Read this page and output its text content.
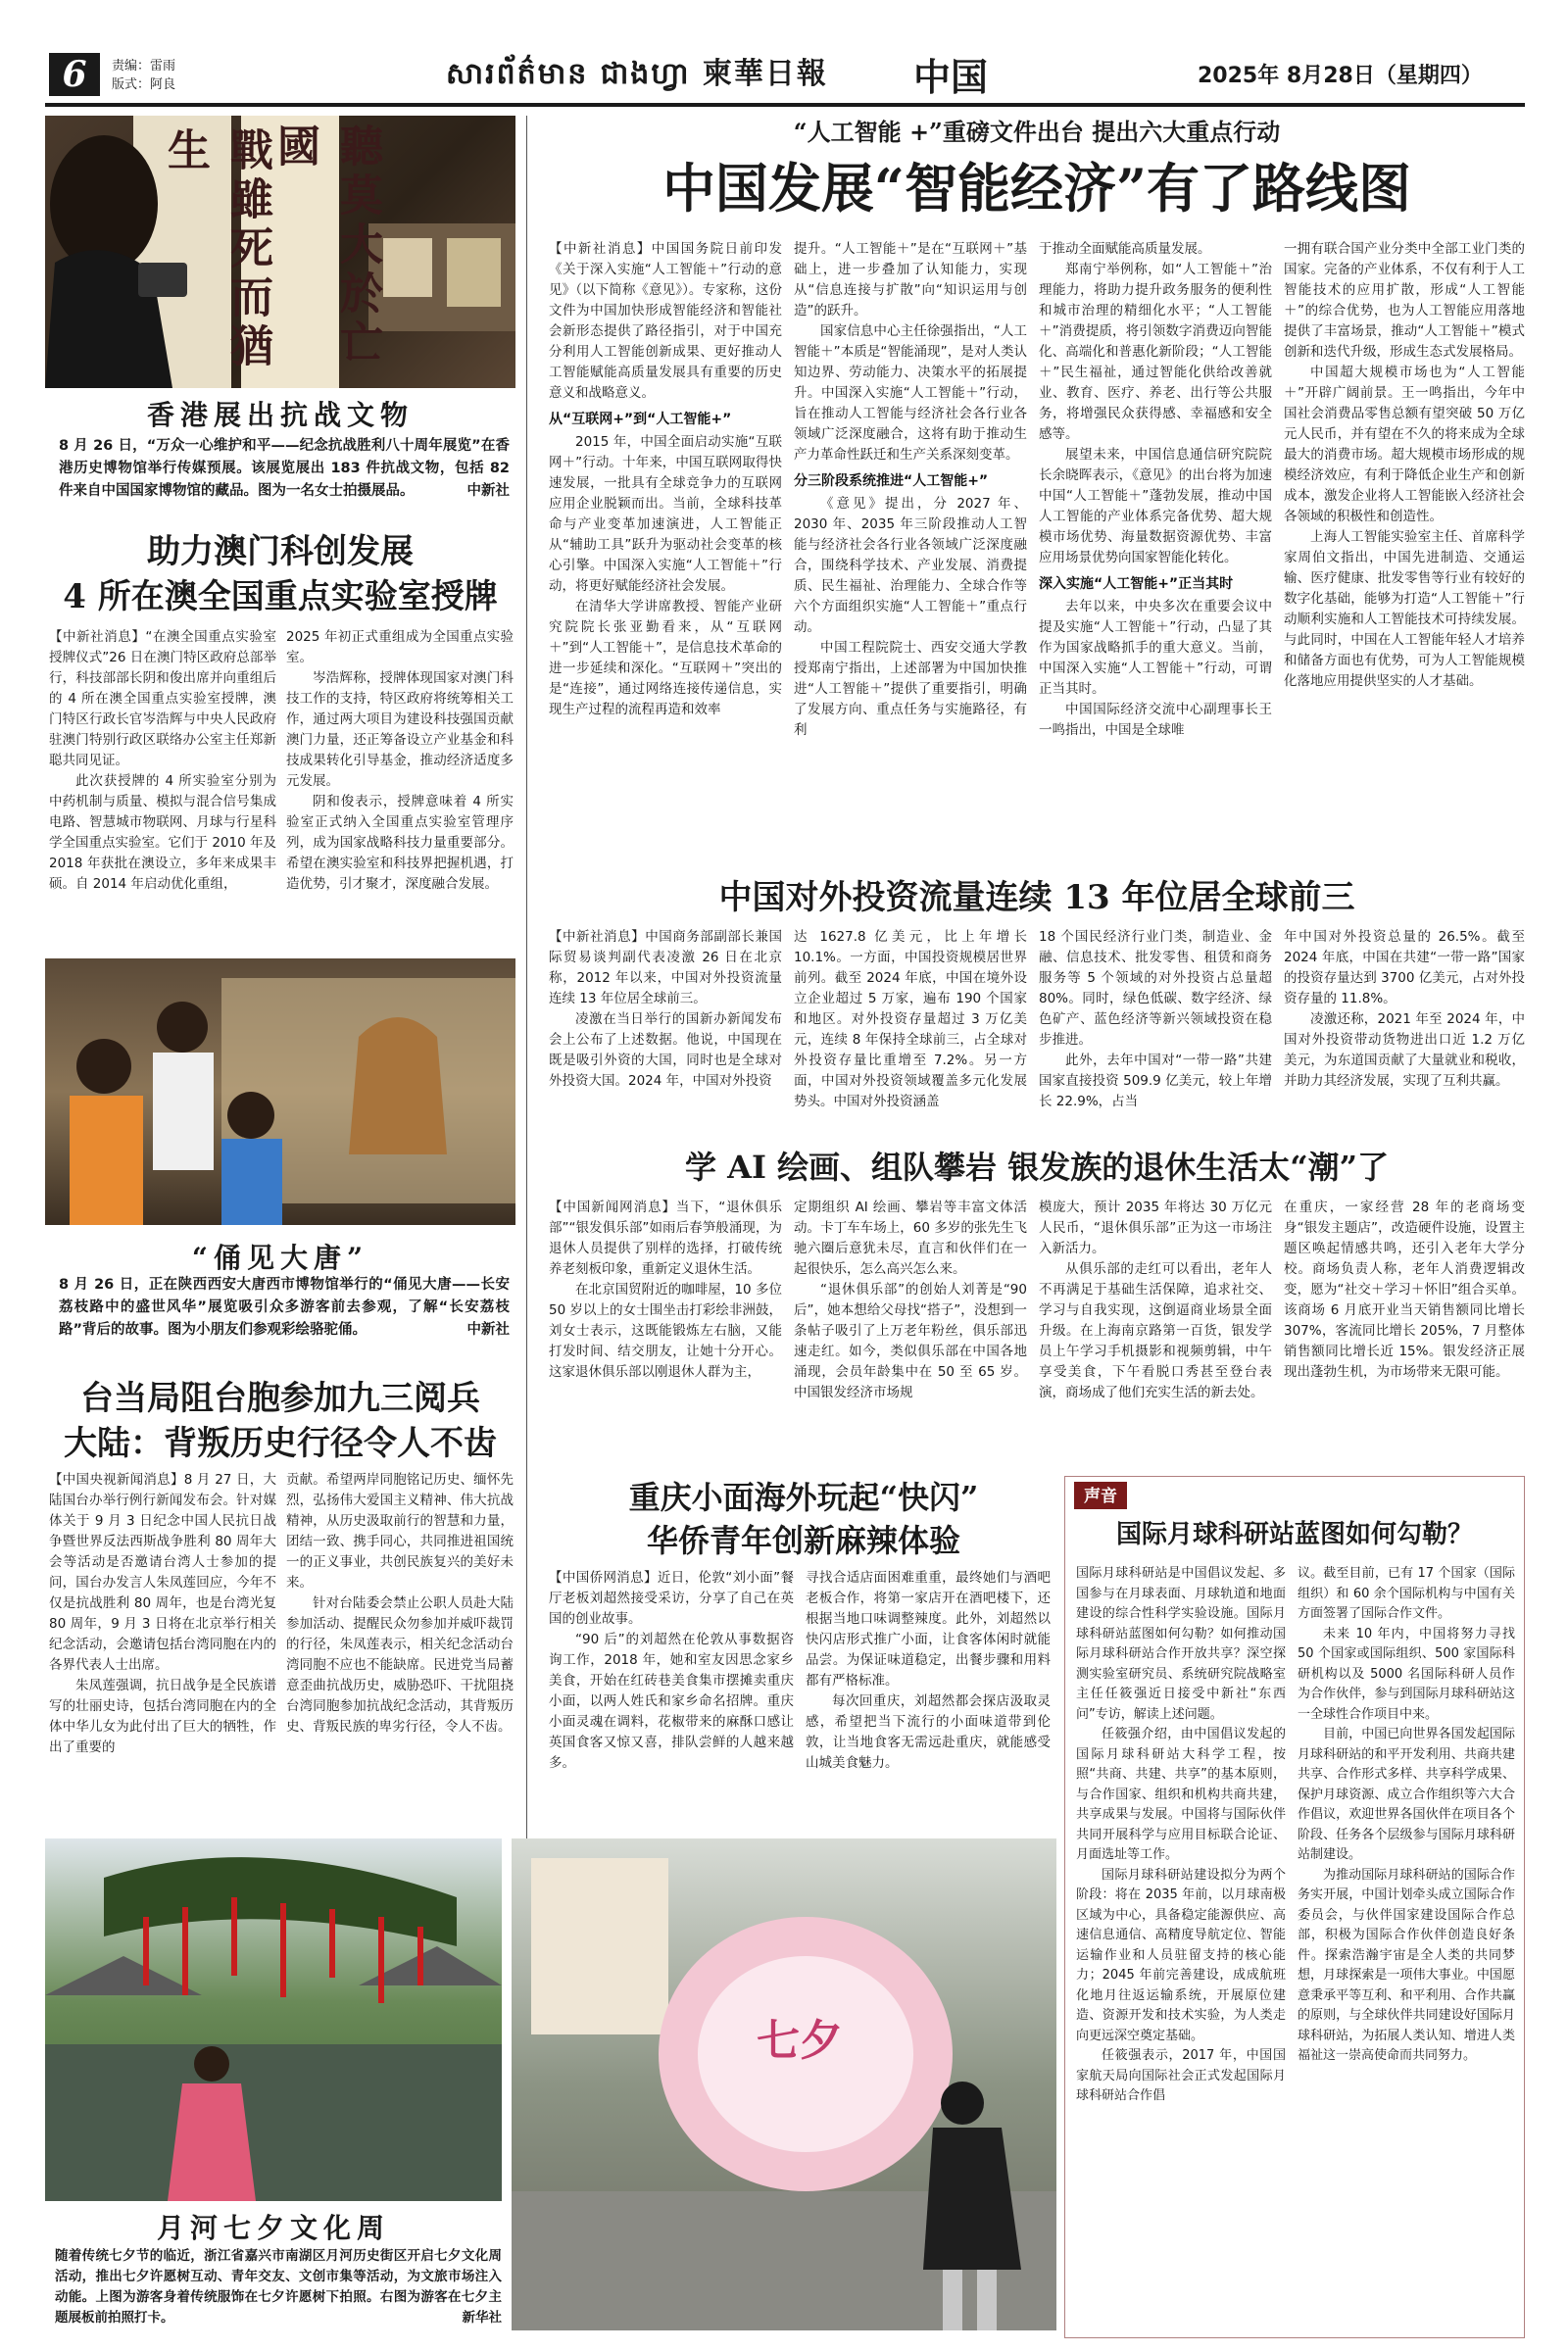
6	责编：雷雨
版式：阿良	សារព័ត៌មាន ជាងហ្វា 柬華日報 中国	2025年 8月28日（星期四）
戰雖死而猶生	聽莫大於亡國
香港展出抗战文物
8 月 26 日，“万众一心维护和平——纪念抗战胜利八十周年展览”在香港历史博物馆举行传媒预展。该展览展出 183 件抗战文物，包括 82 件来自中国国家博物馆的藏品。图为一名女士拍摄展品。	中新社
助力澳门科创发展
4 所在澳全国重点实验室授牌

【中新社消息】“在澳全国重点实验室授牌仪式”26 日在澳门特区政府总部举行，科技部部长阴和俊出席并向重组后的 4 所在澳全国重点实验室授牌，澳门特区行政长官岑浩辉与中央人民政府驻澳门特别行政区联络办公室主任郑新聪共同见证。

此次获授牌的 4 所实验室分别为中药机制与质量、模拟与混合信号集成电路、智慧城市物联网、月球与行星科学全国重点实验室。它们于 2010 年及 2018 年获批在澳设立，多年来成果丰硕。自 2014 年启动优化重组，

2025 年初正式重组成为全国重点实验室。

岑浩辉称，授牌体现国家对澳门科技工作的支持，特区政府将统筹相关工作，通过两大项目为建设科技强国贡献澳门力量，还正筹备设立产业基金和科技成果转化引导基金，推动经济适度多元发展。

阴和俊表示，授牌意味着 4 所实验室正式纳入全国重点实验室管理序列，成为国家战略科技力量重要部分。希望在澳实验室和科技界把握机遇，打造优势，引才聚才，深度融合发展。

“俑见大唐”
8 月 26 日，正在陕西西安大唐西市博物馆举行的“俑见大唐——长安荔枝路中的盛世风华”展览吸引众多游客前去参观，了解“长安荔枝路”背后的故事。图为小朋友们参观彩绘骆驼俑。	中新社
台当局阻台胞参加九三阅兵
大陆：背叛历史行径令人不齿

【中国央视新闻消息】8 月 27 日，大陆国台办举行例行新闻发布会。针对媒体关于 9 月 3 日纪念中国人民抗日战争暨世界反法西斯战争胜利 80 周年大会等活动是否邀请台湾人士参加的提问，国台办发言人朱凤莲回应，今年不仅是抗战胜利 80 周年，也是台湾光复 80 周年，9 月 3 日将在北京举行相关纪念活动，会邀请包括台湾同胞在内的各界代表人士出席。

朱凤莲强调，抗日战争是全民族谱写的壮丽史诗，包括台湾同胞在内的全体中华儿女为此付出了巨大的牺牲，作出了重要的

贡献。希望两岸同胞铭记历史、缅怀先烈，弘扬伟大爱国主义精神、伟大抗战精神，从历史汲取前行的智慧和力量，团结一致、携手同心，共同推进祖国统一的正义事业，共创民族复兴的美好未来。

针对台陆委会禁止公职人员赴大陆参加活动、提醒民众勿参加并威吓裁罚的行径，朱凤莲表示，相关纪念活动台湾同胞不应也不能缺席。民进党当局蓄意歪曲抗战历史，威胁恐吓、干扰阻挠台湾同胞参加抗战纪念活动，其背叛历史、背叛民族的卑劣行径，令人不齿。

“人工智能 +”重磅文件出台 提出六大重点行动
中国发展“智能经济”有了路线图

【中新社消息】中国国务院日前印发《关于深入实施“人工智能＋”行动的意见》（以下简称《意见》）。专家称，这份文件为中国加快形成智能经济和智能社会新形态提供了路径指引，对于中国充分利用人工智能创新成果、更好推动人工智能赋能高质量发展具有重要的历史意义和战略意义。

从“互联网+”到“人工智能+”

2015 年，中国全面启动实施“互联网＋”行动。十年来，中国互联网取得快速发展，一批具有全球竞争力的互联网应用企业脱颖而出。当前，全球科技革命与产业变革加速演进，人工智能正从“辅助工具”跃升为驱动社会变革的核心引擎。中国深入实施“人工智能＋”行动，将更好赋能经济社会发展。

在清华大学讲席教授、智能产业研究院院长张亚勤看来，从“互联网＋”到“人工智能＋”，是信息技术革命的进一步延续和深化。“互联网＋”突出的是“连接”，通过网络连接传递信息，实现生产过程的流程再造和效率

提升。“人工智能＋”是在“互联网＋”基础上，进一步叠加了认知能力，实现从“信息连接与扩散”向“知识运用与创造”的跃升。

国家信息中心主任徐强指出，“人工智能＋”本质是“智能涌现”，是对人类认知边界、劳动能力、决策水平的拓展提升。中国深入实施“人工智能＋”行动，旨在推动人工智能与经济社会各行业各领域广泛深度融合，这将有助于推动生产力革命性跃迁和生产关系深刻变革。

分三阶段系统推进“人工智能+”

《意见》提出，分 2027 年、2030 年、2035 年三阶段推动人工智能与经济社会各行业各领域广泛深度融合，围绕科学技术、产业发展、消费提质、民生福祉、治理能力、全球合作等六个方面组织实施“人工智能＋”重点行动。

中国工程院院士、西安交通大学教授郑南宁指出，上述部署为中国加快推进“人工智能＋”提供了重要指引，明确了发展方向、重点任务与实施路径，有利

于推动全面赋能高质量发展。

郑南宁举例称，如“人工智能＋”治理能力，将助力提升政务服务的便利性和城市治理的精细化水平；“人工智能＋”消费提质，将引领数字消费迈向智能化、高端化和普惠化新阶段；“人工智能＋”民生福祉，通过智能化供给改善就业、教育、医疗、养老、出行等公共服务，将增强民众获得感、幸福感和安全感等。

展望未来，中国信息通信研究院院长余晓晖表示，《意见》的出台将为加速中国“人工智能＋”蓬勃发展，推动中国人工智能的产业体系完备优势、超大规模市场优势、海量数据资源优势、丰富应用场景优势向国家智能化转化。

深入实施“人工智能+”正当其时

去年以来，中央多次在重要会议中提及实施“人工智能＋”行动，凸显了其作为国家战略抓手的重大意义。当前，中国深入实施“人工智能＋”行动，可谓正当其时。

中国国际经济交流中心副理事长王一鸣指出，中国是全球唯

一拥有联合国产业分类中全部工业门类的国家。完备的产业体系，不仅有利于人工智能技术的应用扩散，形成“人工智能＋”的综合优势，也为人工智能应用落地提供了丰富场景，推动“人工智能＋”模式创新和迭代升级，形成生态式发展格局。

中国超大规模市场也为“人工智能＋”开辟广阔前景。王一鸣指出，今年中国社会消费品零售总额有望突破 50 万亿元人民币，并有望在不久的将来成为全球最大的消费市场。超大规模市场形成的规模经济效应，有利于降低企业生产和创新成本，激发企业将人工智能嵌入经济社会各领域的积极性和创造性。

上海人工智能实验室主任、首席科学家周伯文指出，中国先进制造、交通运输、医疗健康、批发零售等行业有较好的数字化基础，能够为打造“人工智能＋”行动顺利实施和人工智能技术可持续发展。与此同时，中国在人工智能年轻人才培养和储备方面也有优势，可为人工智能规模化落地应用提供坚实的人才基础。

中国对外投资流量连续 13 年位居全球前三

【中新社消息】中国商务部副部长兼国际贸易谈判副代表凌激 26 日在北京称，2012 年以来，中国对外投资流量连续 13 年位居全球前三。

凌激在当日举行的国新办新闻发布会上公布了上述数据。他说，中国现在既是吸引外资的大国，同时也是全球对外投资大国。2024 年，中国对外投资

达 1627.8 亿美元，比上年增长 10.1%。一方面，中国投资规模居世界前列。截至 2024 年底，中国在境外设立企业超过 5 万家，遍布 190 个国家和地区。对外投资存量超过 3 万亿美元，连续 8 年保持全球前三，占全球对外投资存量比重增至 7.2%。另一方面，中国对外投资领域覆盖多元化发展势头。中国对外投资涵盖

18 个国民经济行业门类，制造业、金融、信息技术、批发零售、租赁和商务服务等 5 个领域的对外投资占总量超 80%。同时，绿色低碳、数字经济、绿色矿产、蓝色经济等新兴领域投资在稳步推进。

此外，去年中国对“一带一路”共建国家直接投资 509.9 亿美元，较上年增长 22.9%，占当

年中国对外投资总量的 26.5%。截至 2024 年底，中国在共建“一带一路”国家的投资存量达到 3700 亿美元，占对外投资存量的 11.8%。

凌激还称，2021 年至 2024 年，中国对外投资带动货物进出口近 1.2 万亿美元，为东道国贡献了大量就业和税收，并助力其经济发展，实现了互利共赢。

学 AI 绘画、组队攀岩 银发族的退休生活太“潮”了

【中国新闻网消息】当下，“退休俱乐部”“银发俱乐部”如雨后春笋般涌现，为退休人员提供了别样的选择，打破传统养老刻板印象，重新定义退休生活。

在北京国贸附近的咖啡屋，10 多位 50 岁以上的女士围坐击打彩绘非洲鼓，刘女士表示，这既能锻炼左右脑，又能打发时间、结交朋友，让她十分开心。这家退休俱乐部以刚退休人群为主，

定期组织 AI 绘画、攀岩等丰富文体活动。卡丁车车场上，60 多岁的张先生飞驰六圈后意犹未尽，直言和伙伴们在一起很快乐，怎么高兴怎么来。

“退休俱乐部”的创始人刘菁是“90 后”，她本想给父母找“搭子”，没想到一条帖子吸引了上万老年粉丝，俱乐部迅速走红。如今，类似俱乐部在中国各地涌现，会员年龄集中在 50 至 65 岁。中国银发经济市场规

模庞大，预计 2035 年将达 30 万亿元人民币，“退休俱乐部”正为这一市场注入新活力。

从俱乐部的走红可以看出，老年人不再满足于基础生活保障，追求社交、学习与自我实现，这倒逼商业场景全面升级。在上海南京路第一百货，银发学员上午学习手机摄影和视频剪辑，中午享受美食，下午看脱口秀甚至登台表演，商场成了他们充实生活的新去处。

在重庆，一家经营 28 年的老商场变身“银发主题店”，改造硬件设施，设置主题区唤起情感共鸣，还引入老年大学分校。商场负责人称，老年人消费逻辑改变，愿为“社交＋学习＋怀旧”组合买单。该商场 6 月底开业当天销售额同比增长 307%，客流同比增长 205%，7 月整体销售额同比增长近 15%。银发经济正展现出蓬勃生机，为市场带来无限可能。

重庆小面海外玩起“快闪”
华侨青年创新麻辣体验

【中国侨网消息】近日，伦敦“刘小面”餐厅老板刘超然接受采访，分享了自己在英国的创业故事。

“90 后”的刘超然在伦敦从事数据咨询工作，2018 年，她和室友因思念家乡美食，开始在红砖巷美食集市摆摊卖重庆小面，以两人姓氏和家乡命名招牌。重庆小面灵魂在调料，花椒带来的麻酥口感让英国食客又惊又喜，排队尝鲜的人越来越多。

寻找合适店面困难重重，最终她们与酒吧老板合作，将第一家店开在酒吧楼下，还根据当地口味调整辣度。此外，刘超然以快闪店形式推广小面，让食客体闲时就能品尝。为保证味道稳定，出餐步骤和用料都有严格标准。

每次回重庆，刘超然都会探店汲取灵感，希望把当下流行的小面味道带到伦敦，让当地食客无需远赴重庆，就能感受山城美食魅力。

声音
国际月球科研站蓝图如何勾勒？

国际月球科研站是中国倡议发起、多国参与在月球表面、月球轨道和地面建设的综合性科学实验设施。国际月球科研站蓝图如何勾勒？如何推动国际月球科研站合作开放共享？深空探测实验室研究员、系统研究院战略室主任任筱强近日接受中新社“东西问”专访，解读上述问题。

任筱强介绍，由中国倡议发起的国际月球科研站大科学工程，按照“共商、共建、共享”的基本原则，与合作国家、组织和机构共商共建，共享成果与发展。中国将与国际伙伴共同开展科学与应用目标联合论证、月面选址等工作。

国际月球科研站建设拟分为两个阶段：将在 2035 年前，以月球南极区域为中心，具备稳定能源供应、高速信息通信、高精度导航定位、智能运输作业和人员驻留支持的核心能力；2045 年前完善建设，成成航班化地月往返运输系统，开展原位建造、资源开发和技术实验，为人类走向更远深空奠定基础。

任筱强表示，2017 年，中国国家航天局向国际社会正式发起国际月球科研站合作倡

议。截至目前，已有 17 个国家（国际组织）和 60 余个国际机构与中国有关方面签署了国际合作文件。

未来 10 年内，中国将努力寻找 50 个国家或国际组织、500 家国际科研机构以及 5000 名国际科研人员作为合作伙伴，参与到国际月球科研站这一全球性合作项目中来。

目前，中国已向世界各国发起国际月球科研站的和平开发利用、共商共建共享、合作形式多样、共享科学成果、保护月球资源、成立合作组织等六大合作倡议，欢迎世界各国伙伴在项目各个阶段、任务各个层级参与国际月球科研站制建设。

为推动国际月球科研站的国际合作务实开展，中国计划牵头成立国际合作委员会，与伙伴国家建设国际合作总部，积极为国际合作伙伴创造良好条件。探索浩瀚宇宙是全人类的共同梦想，月球探索是一项伟大事业。中国愿意秉承平等互利、和平利用、合作共赢的原则，与全球伙伴共同建设好国际月球科研站，为拓展人类认知、增进人类福祉这一崇高使命而共同努力。

七夕
月河七夕文化周
随着传统七夕节的临近，浙江省嘉兴市南湖区月河历史街区开启七夕文化周活动，推出七夕许愿树互动、青年交友、文创市集等活动，为文旅市场注入动能。上图为游客身着传统服饰在七夕许愿树下拍照。右图为游客在七夕主题展板前拍照打卡。	新华社
